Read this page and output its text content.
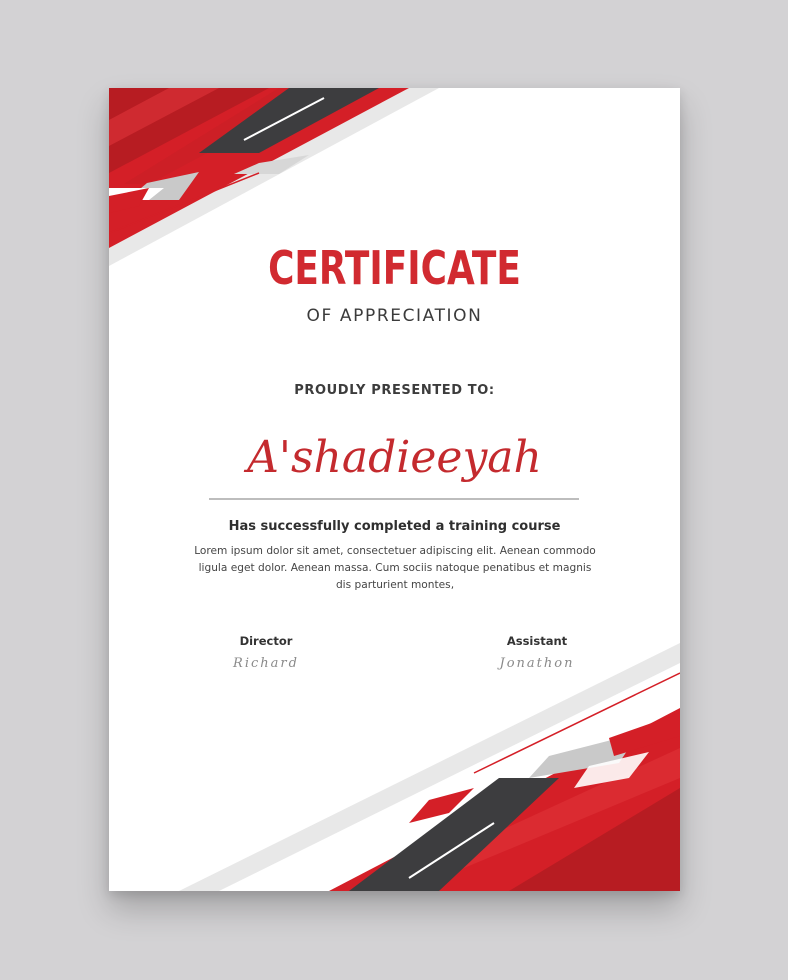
CERTIFICATE
OF APPRECIATION
PROUDLY PRESENTED TO:
A'shadieeyah
Has successfully completed a training course
Lorem ipsum dolor sit amet, consectetuer adipiscing elit. Aenean commodo ligula eget dolor. Aenean massa. Cum sociis natoque penatibus et magnis dis parturient montes,
Director
Richard
Assistant
Jonathon
